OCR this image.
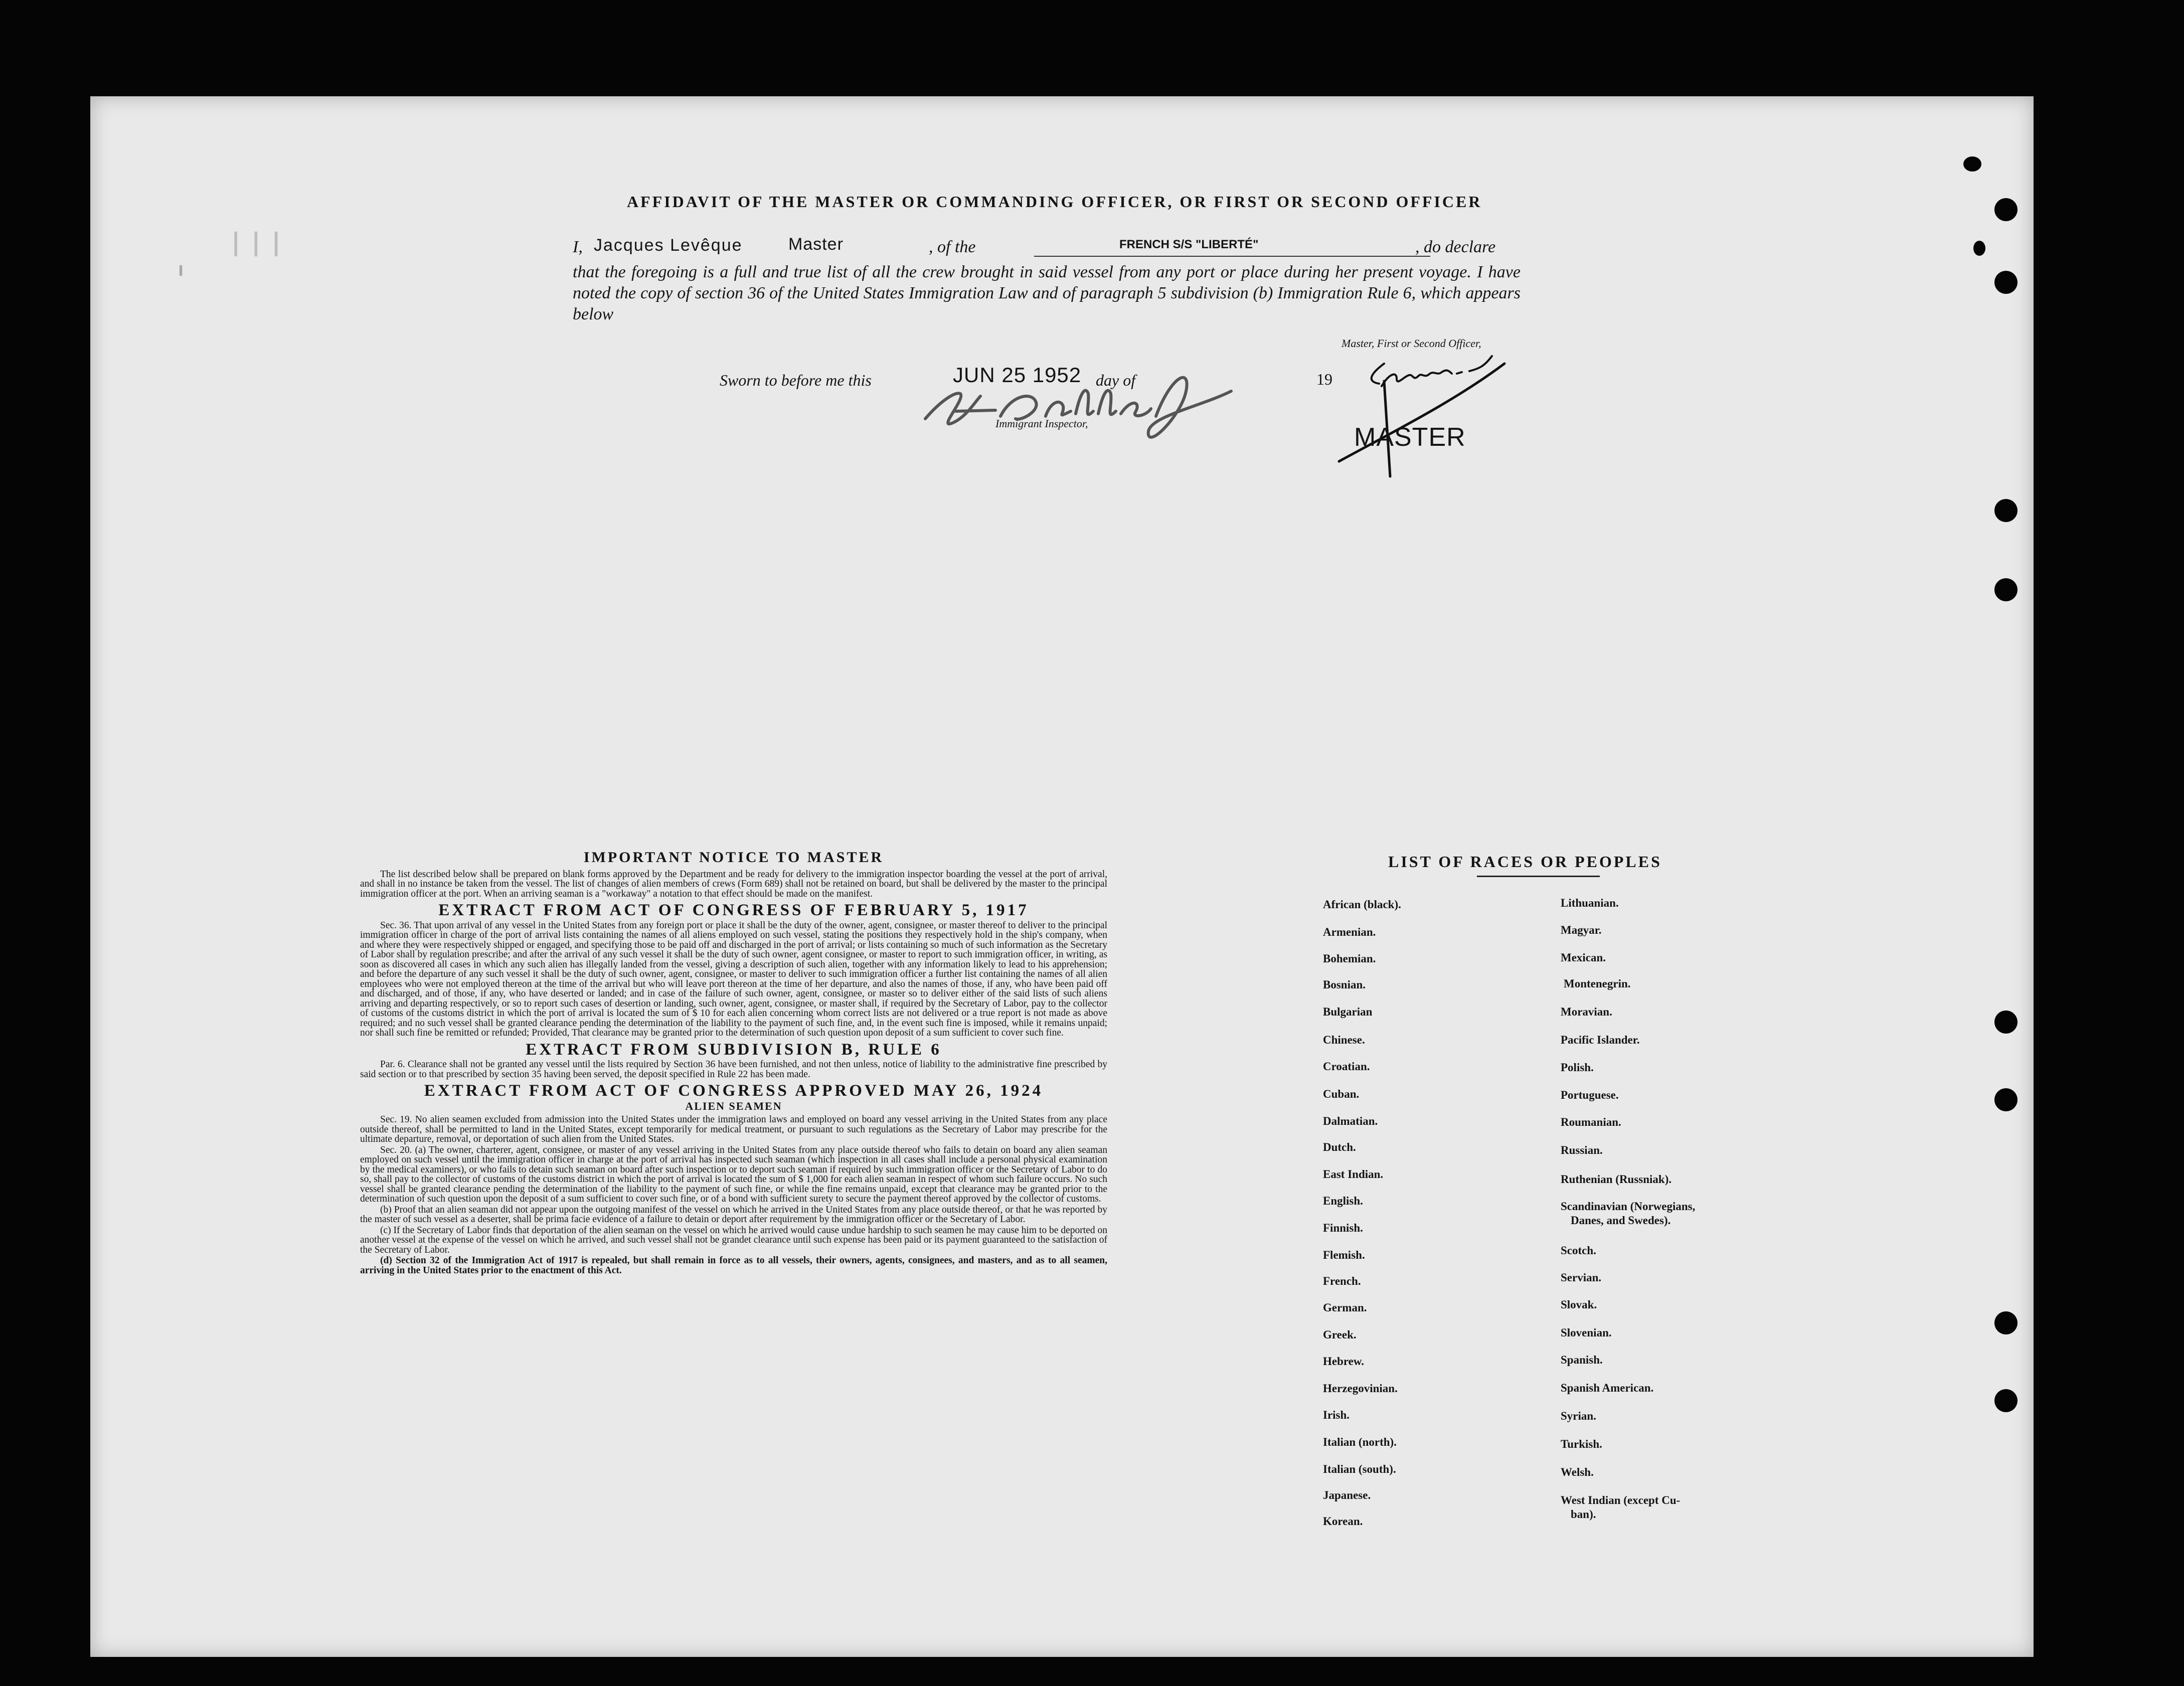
❘❘❘
ı
AFFIDAVIT OF THE MASTER OR COMMANDING OFFICER, OR FIRST OR SECOND OFFICER
I, Jacques Levêque	Master	, of the	FRENCH S/S "LIBERTÉ"	, do declare
that the foregoing is a full and true list of all the crew brought in said vessel from any port or place during her present voyage. I have noted the copy of section 36 of the United States Immigration Law and of paragraph 5 subdivision (b) Immigration Rule 6, which appears below
Master, First or Second Officer,
Sworn to before me this	JUN 25 1952 day of	19
Immigrant Inspector,	MASTER
IMPORTANT NOTICE TO MASTER

The list described below shall be prepared on blank forms approved by the Department and be ready for delivery to the immigration inspector boarding the vessel at the port of arrival, and shall in no instance be taken from the vessel. The list of changes of alien members of crews (Form 689) shall not be retained on board, but shall be delivered by the master to the principal immigration officer at the port. When an arriving seaman is a "workaway" a notation to that effect should be made on the manifest.

EXTRACT FROM ACT OF CONGRESS OF FEBRUARY 5, 1917

Sec. 36. That upon arrival of any vessel in the United States from any foreign port or place it shall be the duty of the owner, agent, consignee, or master thereof to deliver to the principal immigration officer in charge of the port of arrival lists containing the names of all aliens employed on such vessel, stating the positions they respectively hold in the ship's company, when and where they were respectively shipped or engaged, and specifying those to be paid off and discharged in the port of arrival; or lists containing so much of such information as the Secretary of Labor shall by regulation prescribe; and after the arrival of any such vessel it shall be the duty of such owner, agent consignee, or master to report to such immigration officer, in writing, as soon as discovered all cases in which any such alien has illegally landed from the vessel, giving a description of such alien, together with any information likely to lead to his apprehension; and before the departure of any such vessel it shall be the duty of such owner, agent, consignee, or master to deliver to such immigration officer a further list containing the names of all alien employees who were not employed thereon at the time of the arrival but who will leave port thereon at the time of her departure, and also the names of those, if any, who have been paid off and discharged, and of those, if any, who have deserted or landed; and in case of the failure of such owner, agent, consignee, or master so to deliver either of the said lists of such aliens arriving and departing respectively, or so to report such cases of desertion or landing, such owner, agent, consignee, or master shall, if required by the Secretary of Labor, pay to the collector of customs of the customs district in which the port of arrival is located the sum of $ 10 for each alien concerning whom correct lists are not delivered or a true report is not made as above required; and no such vessel shall be granted clearance pending the determination of the liability to the payment of such fine, and, in the event such fine is imposed, while it remains unpaid; nor shall such fine be remitted or refunded; Provided, That clearance may be granted prior to the determination of such question upon deposit of a sum sufficient to cover such fine.

EXTRACT FROM SUBDIVISION B, RULE 6

Par. 6. Clearance shall not be granted any vessel until the lists required by Section 36 have been furnished, and not then unless, notice of liability to the administrative fine prescribed by said section or to that prescribed by section 35 having been served, the deposit specified in Rule 22 has been made.

EXTRACT FROM ACT OF CONGRESS APPROVED MAY 26, 1924
ALIEN SEAMEN

Sec. 19. No alien seamen excluded from admission into the United States under the immigration laws and employed on board any vessel arriving in the United States from any place outside thereof, shall be permitted to land in the United States, except temporarily for medical treatment, or pursuant to such regulations as the Secretary of Labor may prescribe for the ultimate departure, removal, or deportation of such alien from the United States.

Sec. 20. (a) The owner, charterer, agent, consignee, or master of any vessel arriving in the United States from any place outside thereof who fails to detain on board any alien seaman employed on such vessel until the immigration officer in charge at the port of arrival has inspected such seaman (which inspection in all cases shall include a personal physical examination by the medical examiners), or who fails to detain such seaman on board after such inspection or to deport such seaman if required by such immigration officer or the Secretary of Labor to do so, shall pay to the collector of customs of the customs district in which the port of arrival is located the sum of $ 1,000 for each alien seaman in respect of whom such failure occurs. No such vessel shall be granted clearance pending the determination of the liability to the payment of such fine, or while the fine remains unpaid, except that clearance may be granted prior to the determination of such question upon the deposit of a sum sufficient to cover such fine, or of a bond with sufficient surety to secure the payment thereof approved by the collector of customs.

(b) Proof that an alien seaman did not appear upon the outgoing manifest of the vessel on which he arrived in the United States from any place outside thereof, or that he was reported by the master of such vessel as a deserter, shall be prima facie evidence of a failure to detain or deport after requirement by the immigration officer or the Secretary of Labor.

(c) If the Secretary of Labor finds that deportation of the alien seaman on the vessel on which he arrived would cause undue hardship to such seamen he may cause him to be deported on another vessel at the expense of the vessel on which he arrived, and such vessel shall not be grandet clearance until such expense has been paid or its payment guaranteed to the satisfaction of the Secretary of Labor.

(d) Section 32 of the Immigration Act of 1917 is repealed, but shall remain in force as to all vessels, their owners, agents, consignees, and masters, and as to all seamen, arriving in the United States prior to the enactment of this Act.

LIST OF RACES OR PEOPLES
African (black).
Armenian.
Bohemian.
Bosnian.
Bulgarian
Chinese.
Croatian.
Cuban.
Dalmatian.
Dutch.
East Indian.
English.
Finnish.
Flemish.
French.
German.
Greek.
Hebrew.
Herzegovinian.
Irish.
Italian (north).
Italian (south).
Japanese.
Korean.
Lithuanian.
Magyar.
Mexican.
Montenegrin.
Moravian.
Pacific Islander.
Polish.
Portuguese.
Roumanian.
Russian.
Ruthenian (Russniak).
Scandinavian (Norwegians,
Danes, and Swedes).
Scotch.
Servian.
Slovak.
Slovenian.
Spanish.
Spanish American.
Syrian.
Turkish.
Welsh.
West Indian (except Cu-
ban).
